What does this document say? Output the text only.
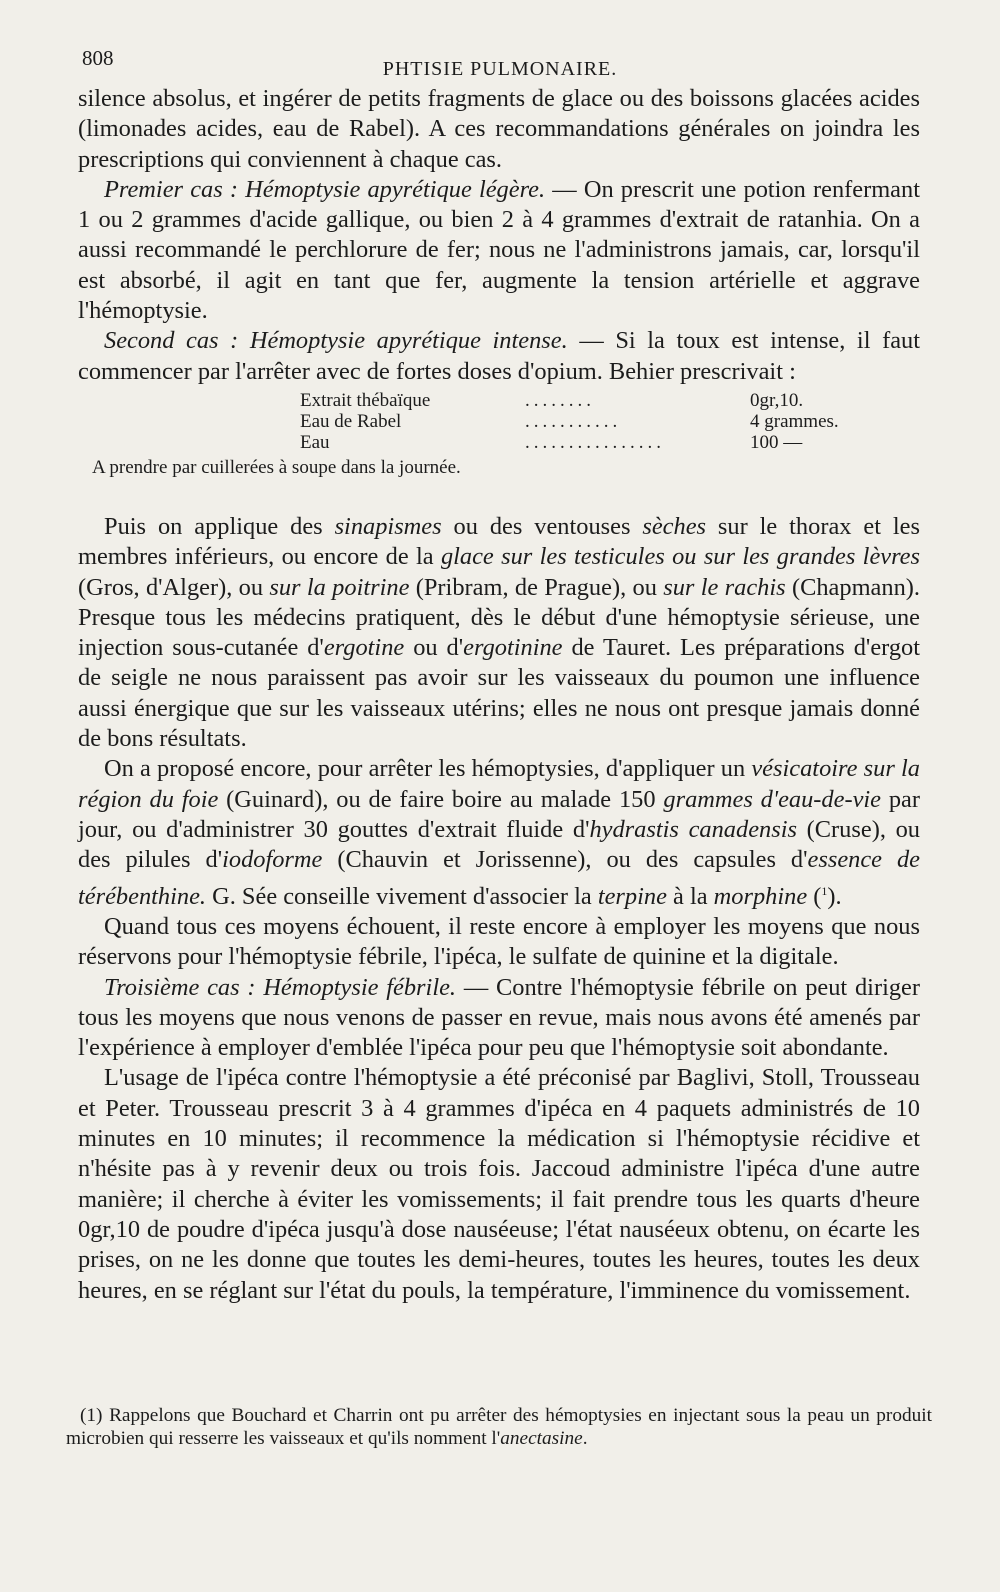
808	PHTISIE PULMONAIRE.

silence absolus, et ingérer de petits fragments de glace ou des boissons glacées acides (limonades acides, eau de Rabel). A ces recommandations générales on joindra les prescriptions qui conviennent à chaque cas.

Premier cas : Hémoptysie apyrétique légère. — On prescrit une potion renfermant 1 ou 2 grammes d'acide gallique, ou bien 2 à 4 grammes d'extrait de ratanhia. On a aussi recommandé le perchlorure de fer; nous ne l'administrons jamais, car, lorsqu'il est absorbé, il agit en tant que fer, augmente la tension artérielle et aggrave l'hémoptysie.

Second cas : Hémoptysie apyrétique intense. — Si la toux est intense, il faut commencer par l'arrêter avec de fortes doses d'opium. Behier prescrivait :

Extrait thébaïque	........	0gr,10.
Eau de Rabel	...........	4 grammes.
Eau	................	100 —
A prendre par cuillerées à soupe dans la journée.

Puis on applique des sinapismes ou des ventouses sèches sur le thorax et les membres inférieurs, ou encore de la glace sur les testicules ou sur les grandes lèvres (Gros, d'Alger), ou sur la poitrine (Pribram, de Prague), ou sur le rachis (Chapmann). Presque tous les médecins pratiquent, dès le début d'une hémoptysie sérieuse, une injection sous-cutanée d'ergotine ou d'ergotinine de Tauret. Les préparations d'ergot de seigle ne nous paraissent pas avoir sur les vaisseaux du poumon une influence aussi énergique que sur les vaisseaux utérins; elles ne nous ont presque jamais donné de bons résultats.

On a proposé encore, pour arrêter les hémoptysies, d'appliquer un vésicatoire sur la région du foie (Guinard), ou de faire boire au malade 150 grammes d'eau-de-vie par jour, ou d'administrer 30 gouttes d'extrait fluide d'hydrastis canadensis (Cruse), ou des pilules d'iodoforme (Chauvin et Jorissenne), ou des capsules d'essence de térébenthine. G. Sée conseille vivement d'associer la terpine à la morphine ($^1$).

Quand tous ces moyens échouent, il reste encore à employer les moyens que nous réservons pour l'hémoptysie fébrile, l'ipéca, le sulfate de quinine et la digitale.

Troisième cas : Hémoptysie fébrile. — Contre l'hémoptysie fébrile on peut diriger tous les moyens que nous venons de passer en revue, mais nous avons été amenés par l'expérience à employer d'emblée l'ipéca pour peu que l'hémoptysie soit abondante.

L'usage de l'ipéca contre l'hémoptysie a été préconisé par Baglivi, Stoll, Trousseau et Peter. Trousseau prescrit 3 à 4 grammes d'ipéca en 4 paquets administrés de 10 minutes en 10 minutes; il recommence la médication si l'hémoptysie récidive et n'hésite pas à y revenir deux ou trois fois. Jaccoud administre l'ipéca d'une autre manière; il cherche à éviter les vomissements; il fait prendre tous les quarts d'heure 0gr,10 de poudre d'ipéca jusqu'à dose nauséeuse; l'état nauséeux obtenu, on écarte les prises, on ne les donne que toutes les demi-heures, toutes les heures, toutes les deux heures, en se réglant sur l'état du pouls, la température, l'imminence du vomissement.

(1) Rappelons que Bouchard et Charrin ont pu arrêter des hémoptysies en injectant sous la peau un produit microbien qui resserre les vaisseaux et qu'ils nomment l'anectasine.
